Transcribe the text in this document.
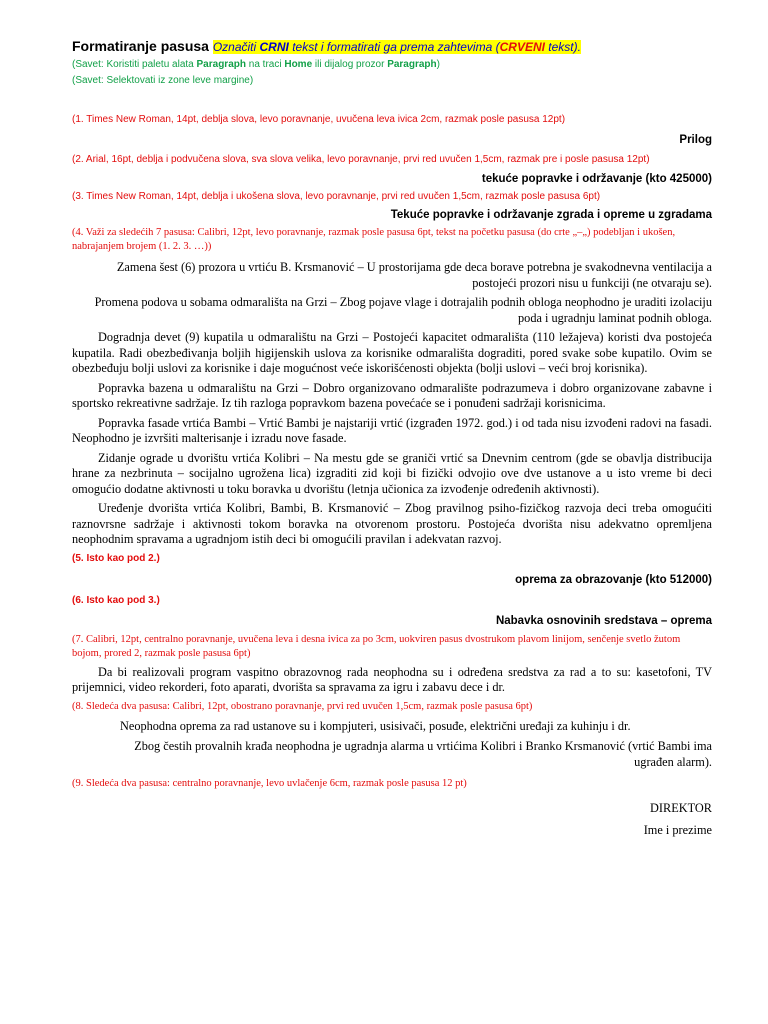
Formatiranje pasusa Označiti CRNI tekst i formatirati ga prema zahtevima (CRVENI tekst).

(Savet: Koristiti paletu alata Paragraph na traci Home ili dijalog prozor Paragraph)

(Savet: Selektovati iz zone leve margine)

(1. Times New Roman, 14pt, deblja slova, levo poravnanje, uvučena leva ivica 2cm, razmak posle pasusa 12pt)

Prilog

(2. Arial, 16pt, deblja i podvučena slova, sva slova velika, levo poravnanje, prvi red uvučen 1,5cm, razmak pre i posle pasusa 12pt)

tekuće popravke i održavanje (kto 425000)

(3. Times New Roman, 14pt, deblja i ukošena slova, levo poravnanje, prvi red uvučen 1,5cm, razmak posle pasusa 6pt)

Tekuće popravke i održavanje zgrada i opreme u zgradama

(4. Važi za sledećih 7 pasusa: Calibri, 12pt, levo poravnanje, razmak posle pasusa 6pt, tekst na početku pasusa (do crte „–„) podebljan i ukošen, nabrajanjem brojem (1. 2. 3. …))

Zamena šest (6) prozora u vrtiću B. Krsmanović – U prostorijama gde deca borave potrebna je svakodnevna ventilacija a postojeći prozori nisu u funkciji (ne otvaraju se).

Promena podova u sobama odmarališta na Grzi – Zbog pojave vlage i dotrajalih podnih obloga neophodno je uraditi izolaciju poda i ugradnju laminat podnih obloga.

Dogradnja devet (9) kupatila u odmaralištu na Grzi – Postojeći kapacitet odmarališta (110 ležajeva) koristi dva postojeća kupatila. Radi obezbeđivanja boljih higijenskih uslova za korisnike odmarališta dograditi, pored svake sobe kupatilo. Ovim se obezbeđuju bolji uslovi za korisnike i daje mogućnost veće iskorišćenosti objekta (bolji uslovi – veći broj korisnika).

Popravka bazena u odmaralištu na Grzi – Dobro organizovano odmaralište podrazumeva i dobro organizovane zabavne i sportsko rekreativne sadržaje. Iz tih razloga popravkom bazena povećaće se i ponuđeni sadržaji korisnicima.

Popravka fasade vrtića Bambi – Vrtić Bambi je najstariji vrtić (izgrađen 1972. god.) i od tada nisu izvođeni radovi na fasadi. Neophodno je izvršiti malterisanje i izradu nove fasade.

Zidanje ograde u dvorištu vrtića Kolibri – Na mestu gde se graniči vrtić sa Dnevnim centrom (gde se obavlja distribucija hrane za nezbrinuta – socijalno ugrožena lica) izgraditi zid koji bi fizički odvojio ove dve ustanove a u isto vreme bi deci omogućio dodatne aktivnosti u toku boravka u dvorištu (letnja učionica za izvođenje određenih aktivnosti).

Uređenje dvorišta vrtića Kolibri, Bambi, B. Krsmanović – Zbog pravilnog psiho-fizičkog razvoja deci treba omogućiti raznovrsne sadržaje i aktivnosti tokom boravka na otvorenom prostoru. Postojeća dvorišta nisu adekvatno opremljena neophodnim spravama a ugradnjom istih deci bi omogućili pravilan i adekvatan razvoj.

(5. Isto kao pod 2.)

oprema za obrazovanje (kto 512000)

(6. Isto kao pod 3.)

Nabavka osnovinih sredstava – oprema

(7. Calibri, 12pt, centralno poravnanje, uvučena leva i desna ivica za po 3cm, uokviren pasus dvostrukom plavom linijom, senčenje svetlo žutom bojom, prored 2, razmak posle pasusa 6pt)

Da bi realizovali program vaspitno obrazovnog rada neophodna su i određena sredstva za rad a to su: kasetofoni, TV prijemnici, video rekorderi, foto aparati, dvorišta sa spravama za igru i zabavu dece i dr.

(8. Sledeća dva pasusa: Calibri, 12pt, obostrano poravnanje, prvi red uvučen 1,5cm, razmak posle pasusa 6pt)

Neophodna oprema za rad ustanove su i kompjuteri, usisivači, posuđe, električni uređaji za kuhinju i dr.

Zbog čestih provalnih krađa neophodna je ugradnja alarma u vrtićima Kolibri i Branko Krsmanović (vrtić Bambi ima ugrađen alarm).

(9. Sledeća dva pasusa: centralno poravnanje, levo uvlačenje 6cm, razmak posle pasusa 12 pt)

DIREKTOR

Ime i prezime
